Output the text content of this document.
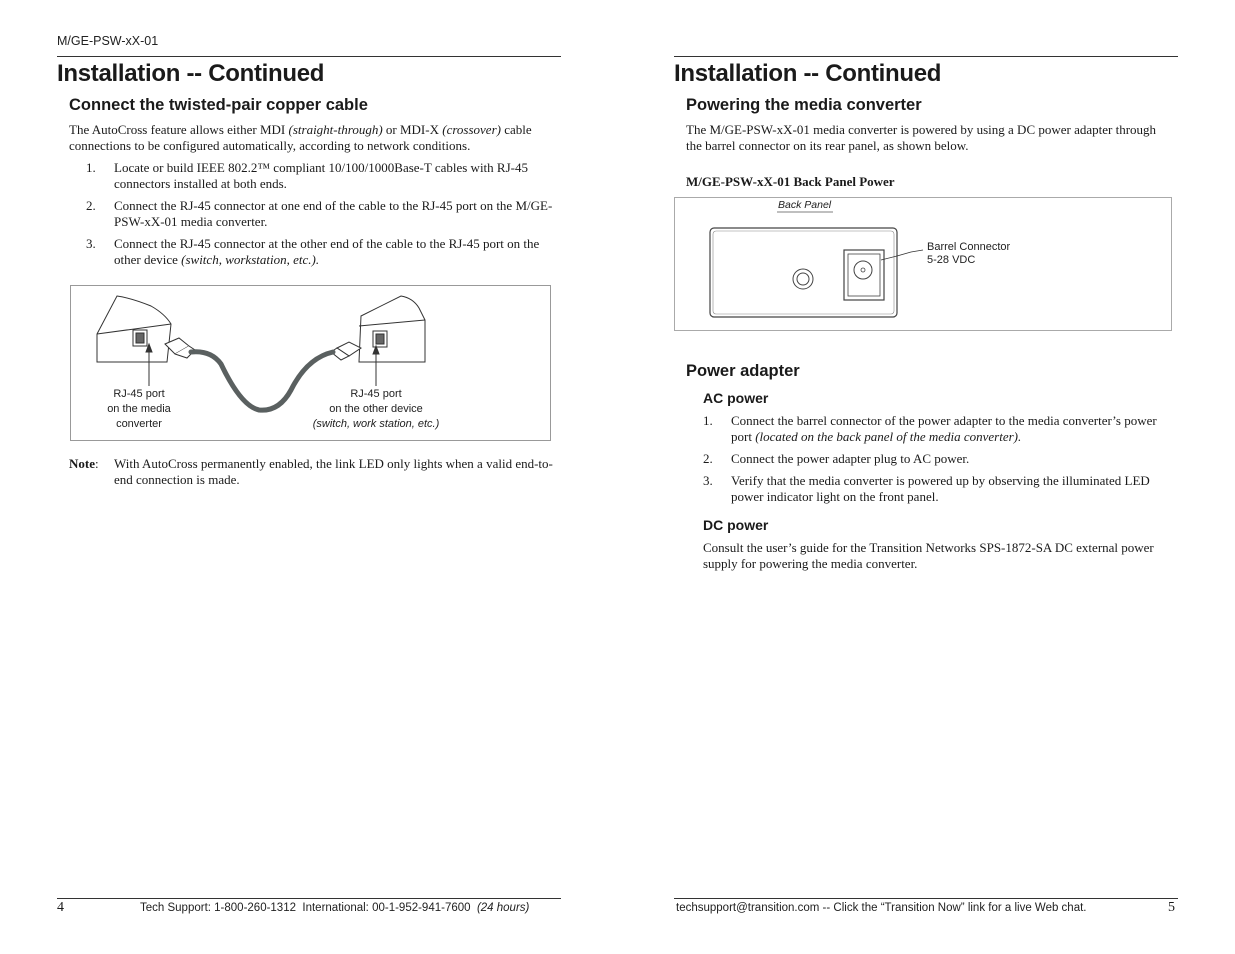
M/GE-PSW-xX-01
Installation -- Continued
Connect the twisted-pair copper cable

The AutoCross feature allows either MDI (straight-through) or MDI-X (crossover) cable connections to be configured automatically, according to network conditions.

1. Locate or build IEEE 802.2™ compliant 10/100/1000Base-T cables with RJ-45 connectors installed at both ends.
2. Connect the RJ-45 connector at one end of the cable to the RJ-45 port on the M/GE-PSW-xX-01 media converter.
3. Connect the RJ-45 connector at the other end of the cable to the RJ-45 port on the other device (switch, workstation, etc.).
RJ-45 port
on the media
converter
RJ-45 port
on the other device
(switch, work station, etc.)

Note: With AutoCross permanently enabled, the link LED only lights when a valid end-to-end connection is made.

4	Tech Support: 1-800-260-1312  International: 00-1-952-941-7600  (24 hours)
Installation -- Continued
Powering the media converter

The M/GE-PSW-xX-01 media converter is powered by using a DC power adapter through the barrel connector on its rear panel, as shown below.

M/GE-PSW-xX-01 Back Panel Power

Back Panel
Barrel Connector
5-28 VDC
Power adapter
AC power
1. Connect the barrel connector of the power adapter to the media converter’s power port (located on the back panel of the media converter).
2. Connect the power adapter plug to AC power.
3. Verify that the media converter is powered up by observing the illuminated LED power indicator light on the front panel.
DC power

Consult the user’s guide for the Transition Networks SPS-1872-SA DC external power supply for powering the media converter.

techsupport@transition.com -- Click the “Transition Now” link for a live Web chat.	5
